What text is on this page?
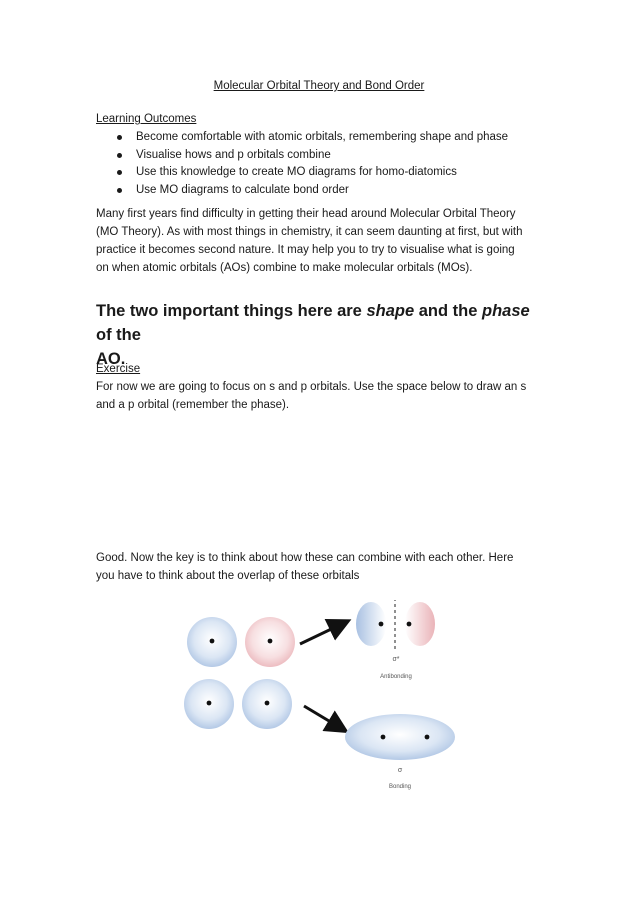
Molecular Orbital Theory and Bond Order
Learning Outcomes
Become comfortable with atomic orbitals, remembering shape and phase
Visualise hows and p orbitals combine
Use this knowledge to create MO diagrams for homo-diatomics
Use MO diagrams to calculate bond order
Many first years find difficulty in getting their head around Molecular Orbital Theory
(MO Theory). As with most things in chemistry, it can seem daunting at first, but with
practice it becomes second nature. It may help you to try to visualise what is going
on when atomic orbitals (AOs) combine to make molecular orbitals (MOs).
The two important things here are shape and the phase of the
AO.
Exercise
For now we are going to focus on s and p orbitals. Use the space below to draw an s
and a p orbital (remember the phase).
Good. Now the key is to think about how these can combine with each other. Here
you have to think about the overlap of these orbitals
σ*
Antibonding
σ
Bonding
